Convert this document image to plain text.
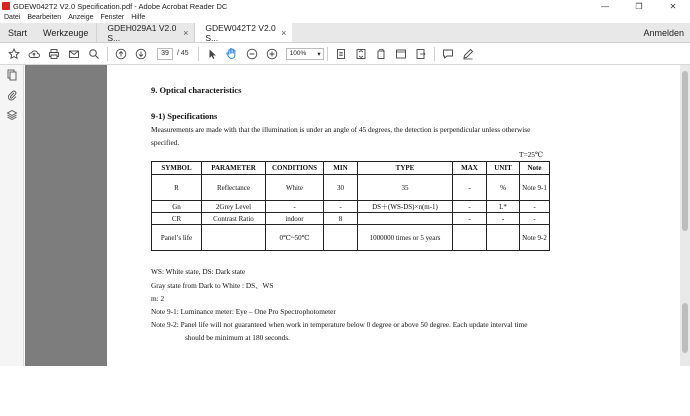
GDEW042T2 V2.0 Specification.pdf - Adobe Acrobat Reader DC	—	❐	✕
Datei Bearbeiten Anzeige Fenster Hilfe
Start	Werkzeuge	GDEH029A1 V2.0 S...	× GDEW042T2 V2.0 S...	×	Anmelden
39	/ 45	100% ▾
9. Optical characteristics
9-1) Specifications
Measurements are made with that the illumination is under an angle of 45 degrees, the detection is perpendicular unless otherwise
specified.
T=25℃
SYMBOL	PARAMETER	CONDITIONS	MIN	TYPE	MAX	UNIT	Note
R	Reflectance	White	30	35	-	%	Note 9-1
Gn	2Grey Level	-	-	DS＋(WS-DS)×n(m-1)	-	L*	-
CR	Contrast Ratio	indoor	8		-	-	-
Panel’s life		0℃~50℃		1000000 times or 5 years			Note 9-2
WS: White state, DS: Dark state
Gray state from Dark to White : DS、WS
m: 2
Note 9-1: Luminance meter: Eye – One Pro Spectrophotometer
Note 9-2: Panel life will not guaranteed when work in temperature below 0 degree or above 50 degree. Each update interval time
should be minimum at 180 seconds.
